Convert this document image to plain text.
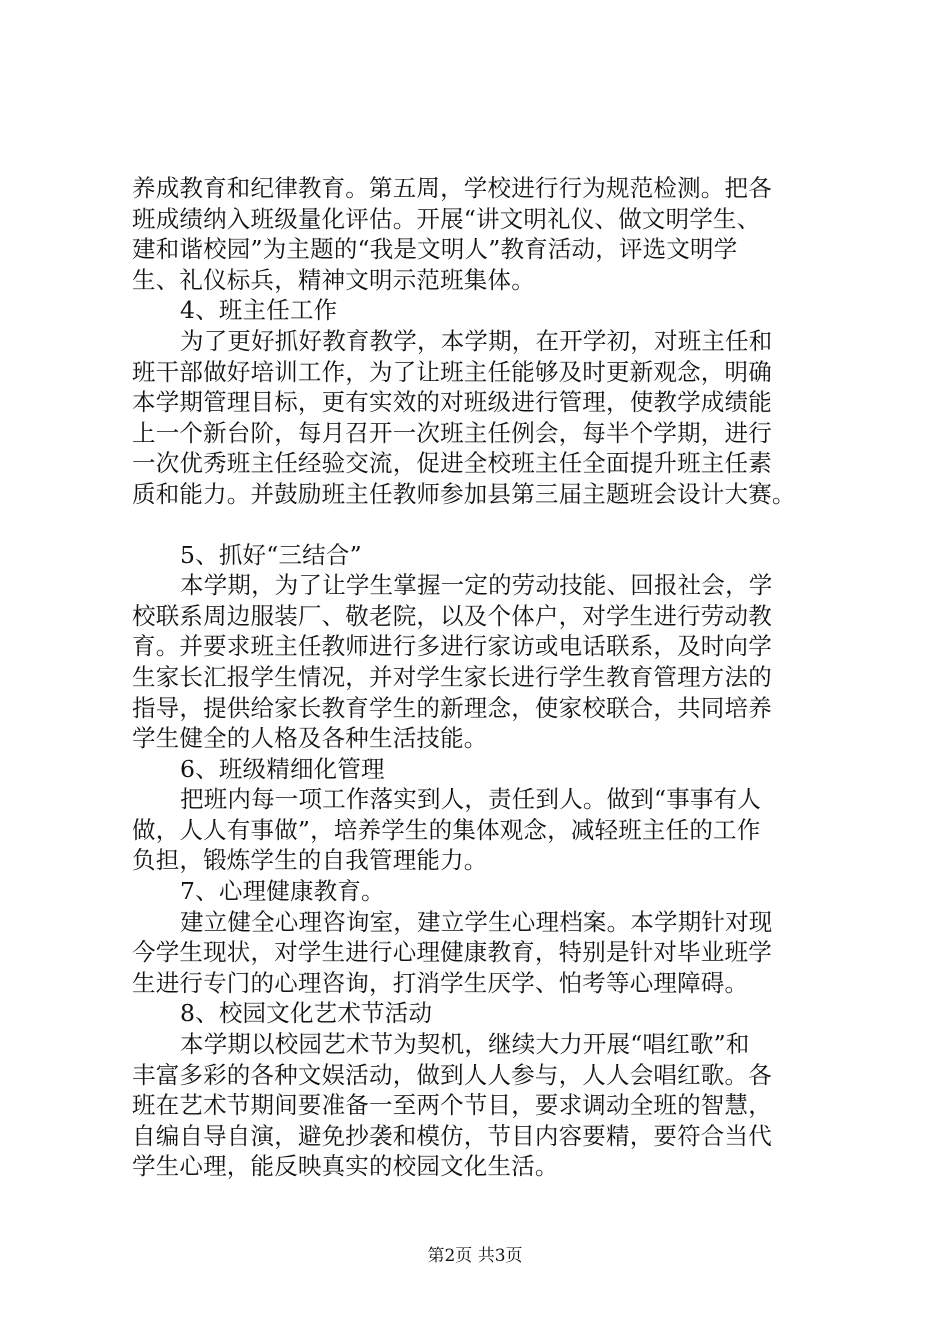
养成教育和纪律教育。第五周，学校进行行为规范检测。把各
班成绩纳入班级量化评估。开展“讲文明礼仪、做文明学生、
建和谐校园”为主题的“我是文明人”教育活动，评选文明学
生、礼仪标兵，精神文明示范班集体。
4、班主任工作
为了更好抓好教育教学，本学期，在开学初，对班主任和
班干部做好培训工作，为了让班主任能够及时更新观念，明确
本学期管理目标，更有实效的对班级进行管理，使教学成绩能
上一个新台阶，每月召开一次班主任例会，每半个学期，进行
一次优秀班主任经验交流，促进全校班主任全面提升班主任素
质和能力。并鼓励班主任教师参加县第三届主题班会设计大赛。
5、抓好“三结合”
本学期，为了让学生掌握一定的劳动技能、回报社会，学
校联系周边服装厂、敬老院，以及个体户，对学生进行劳动教
育。并要求班主任教师进行多进行家访或电话联系，及时向学
生家长汇报学生情况，并对学生家长进行学生教育管理方法的
指导，提供给家长教育学生的新理念，使家校联合，共同培养
学生健全的人格及各种生活技能。
6、班级精细化管理
把班内每一项工作落实到人，责任到人。做到“事事有人
做，人人有事做”，培养学生的集体观念，减轻班主任的工作
负担，锻炼学生的自我管理能力。
7、心理健康教育。
建立健全心理咨询室，建立学生心理档案。本学期针对现
今学生现状，对学生进行心理健康教育，特别是针对毕业班学
生进行专门的心理咨询，打消学生厌学、怕考等心理障碍。
8、校园文化艺术节活动
本学期以校园艺术节为契机，继续大力开展“唱红歌”和
丰富多彩的各种文娱活动，做到人人参与，人人会唱红歌。各
班在艺术节期间要准备一至两个节目，要求调动全班的智慧，
自编自导自演，避免抄袭和模仿，节目内容要精，要符合当代
学生心理，能反映真实的校园文化生活。
第2页 共3页
